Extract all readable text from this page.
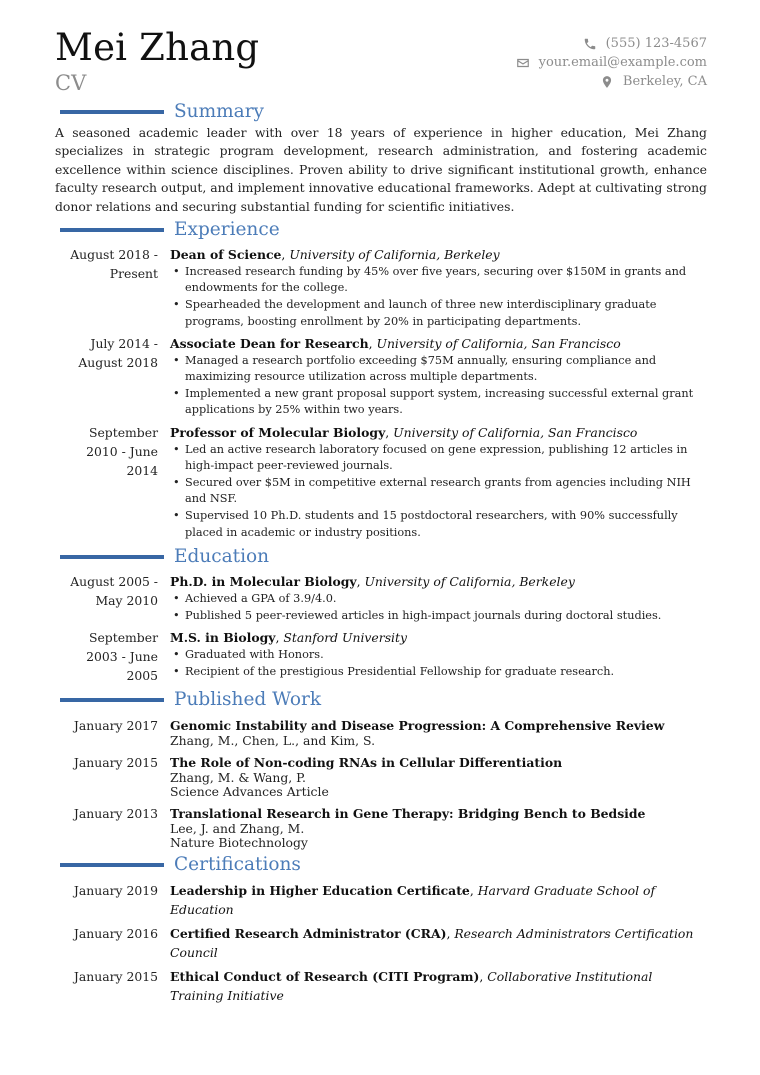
Mei Zhang
CV
(555) 123-4567
your.email@example.com
Berkeley, CA
Summary

A seasoned academic leader with over 18 years of experience in higher education, Mei Zhang specializes in strategic program development, research administration, and fostering academic excellence within science disciplines. Proven ability to drive significant institutional growth, enhance faculty research output, and implement innovative educational frameworks. Adept at cultivating strong donor relations and securing substantial funding for scientific initiatives.

Experience
August 2018 - Present
Dean of Science, University of California, Berkeley
• Increased research funding by 45% over five years, securing over $150M in grants and endowments for the college.
• Spearheaded the development and launch of three new interdisciplinary graduate programs, boosting enrollment by 20% in participating departments.
July 2014 - August 2018
Associate Dean for Research, University of California, San Francisco
• Managed a research portfolio exceeding $75M annually, ensuring compliance and maximizing resource utilization across multiple departments.
• Implemented a new grant proposal support system, increasing successful external grant applications by 25% within two years.
September 2010 - June 2014
Professor of Molecular Biology, University of California, San Francisco
• Led an active research laboratory focused on gene expression, publishing 12 articles in high-impact peer-reviewed journals.
• Secured over $5M in competitive external research grants from agencies including NIH and NSF.
• Supervised 10 Ph.D. students and 15 postdoctoral researchers, with 90% successfully placed in academic or industry positions.
Education
August 2005 - May 2010
Ph.D. in Molecular Biology, University of California, Berkeley
• Achieved a GPA of 3.9/4.0.
• Published 5 peer-reviewed articles in high-impact journals during doctoral studies.
September 2003 - June 2005
M.S. in Biology, Stanford University
• Graduated with Honors.
• Recipient of the prestigious Presidential Fellowship for graduate research.
Published Work
January 2017 Genomic Instability and Disease Progression: A Comprehensive Review
Zhang, M., Chen, L., and Kim, S.
January 2015 The Role of Non-coding RNAs in Cellular Differentiation
Zhang, M. & Wang, P.
Science Advances Article
January 2013 Translational Research in Gene Therapy: Bridging Bench to Bedside
Lee, J. and Zhang, M.
Nature Biotechnology
Certifications
January 2019 Leadership in Higher Education Certificate, Harvard Graduate School of Education
January 2016 Certified Research Administrator (CRA), Research Administrators Certification Council
January 2015 Ethical Conduct of Research (CITI Program), Collaborative Institutional Training Initiative
